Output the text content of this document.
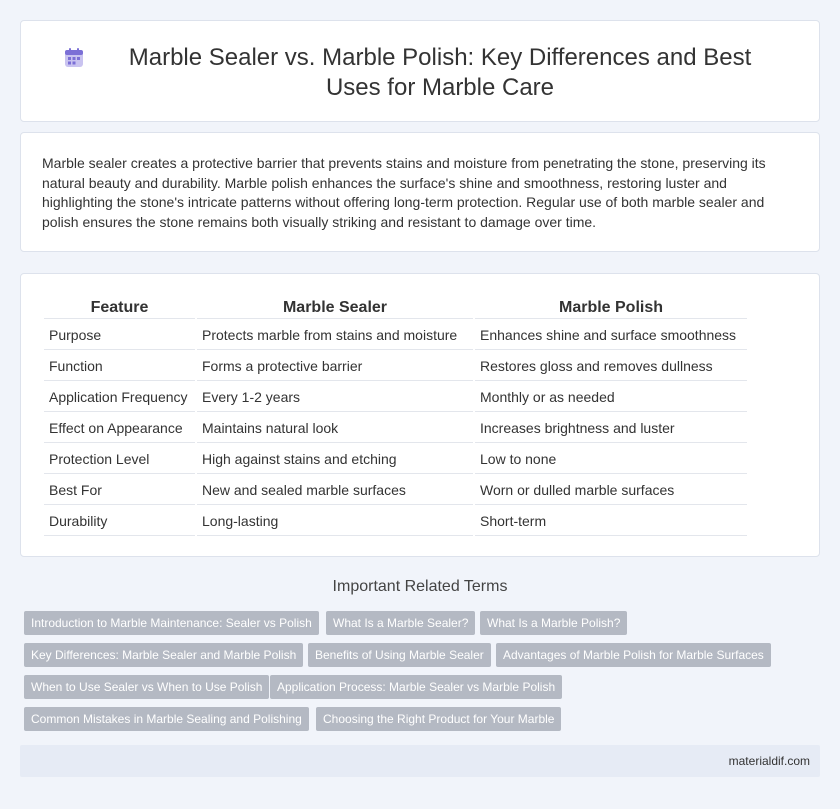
Marble Sealer vs. Marble Polish: Key Differences and Best Uses for Marble Care

Marble sealer creates a protective barrier that prevents stains and moisture from penetrating the stone, preserving its natural beauty and durability. Marble polish enhances the surface's shine and smoothness, restoring luster and highlighting the stone's intricate patterns without offering long-term protection. Regular use of both marble sealer and polish ensures the stone remains both visually striking and resistant to damage over time.

Feature	Marble Sealer	Marble Polish
Purpose	Protects marble from stains and moisture	Enhances shine and surface smoothness
Function	Forms a protective barrier	Restores gloss and removes dullness
Application Frequency	Every 1-2 years	Monthly or as needed
Effect on Appearance	Maintains natural look	Increases brightness and luster
Protection Level	High against stains and etching	Low to none
Best For	New and sealed marble surfaces	Worn or dulled marble surfaces
Durability	Long-lasting	Short-term
Important Related Terms
Introduction to Marble Maintenance: Sealer vs Polish	What Is a Marble Sealer?	What Is a Marble Polish?
Key Differences: Marble Sealer and Marble Polish	Benefits of Using Marble Sealer	Advantages of Marble Polish for Marble Surfaces
When to Use Sealer vs When to Use Polish	Application Process: Marble Sealer vs Marble Polish
Common Mistakes in Marble Sealing and Polishing	Choosing the Right Product for Your Marble
materialdif.com
